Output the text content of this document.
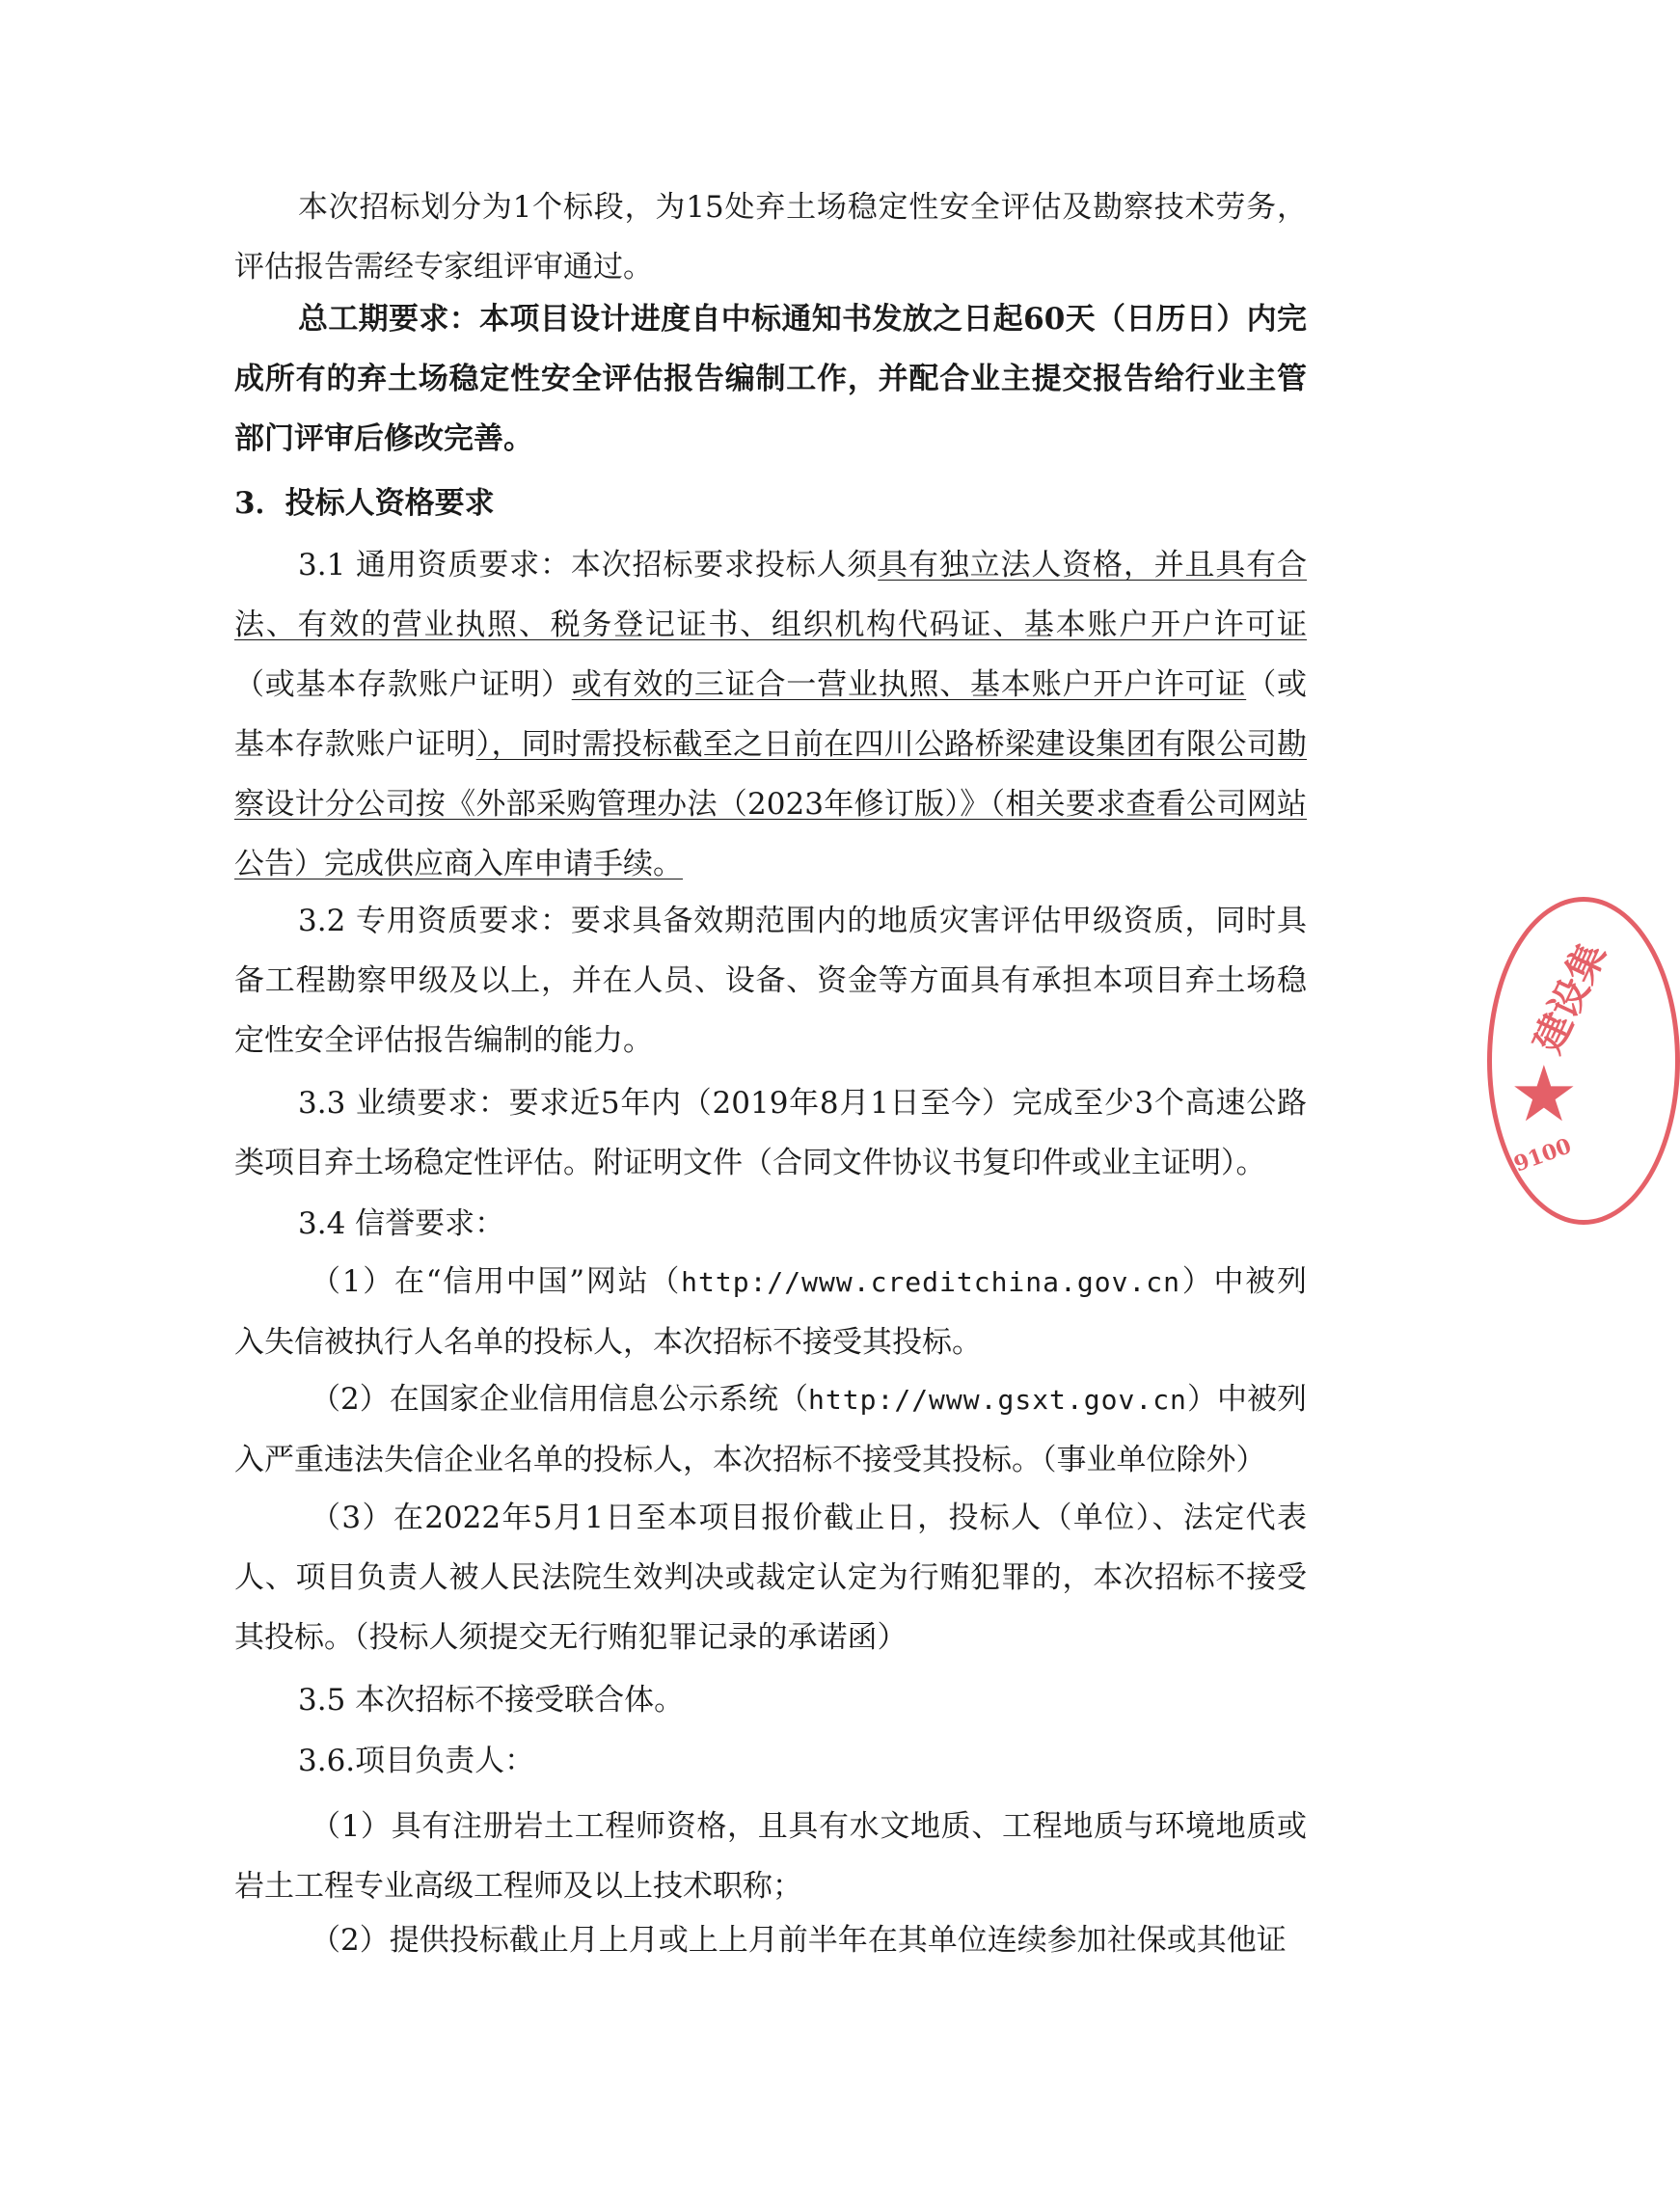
本次招标划分为1个标段，为15处弃土场稳定性安全评估及勘察技术劳务，评估报告需经专家组评审通过。

总工期要求：本项目设计进度自中标通知书发放之日起60天（日历日）内完成所有的弃土场稳定性安全评估报告编制工作，并配合业主提交报告给行业主管部门评审后修改完善。

3．投标人资格要求

3.1 通用资质要求：本次招标要求投标人须具有独立法人资格，并且具有合法、有效的营业执照、税务登记证书、组织机构代码证、基本账户开户许可证（或基本存款账户证明）或有效的三证合一营业执照、基本账户开户许可证（或基本存款账户证明），同时需投标截至之日前在四川公路桥梁建设集团有限公司勘察设计分公司按《外部采购管理办法（2023年修订版）》（相关要求查看公司网站公告）完成供应商入库申请手续。

3.2 专用资质要求：要求具备效期范围内的地质灾害评估甲级资质，同时具备工程勘察甲级及以上，并在人员、设备、资金等方面具有承担本项目弃土场稳定性安全评估报告编制的能力。

3.3 业绩要求：要求近5年内（2019年8月1日至今）完成至少3个高速公路类项目弃土场稳定性评估。附证明文件（合同文件协议书复印件或业主证明）。

3.4 信誉要求：

（1）在“信用中国”网站（http://www.creditchina.gov.cn）中被列入失信被执行人名单的投标人，本次招标不接受其投标。

（2）在国家企业信用信息公示系统（http://www.gsxt.gov.cn）中被列入严重违法失信企业名单的投标人，本次招标不接受其投标。（事业单位除外）

（3）在2022年5月1日至本项目报价截止日，投标人（单位）、法定代表人、项目负责人被人民法院生效判决或裁定认定为行贿犯罪的，本次招标不接受其投标。（投标人须提交无行贿犯罪记录的承诺函）

3.5 本次招标不接受联合体。

3.6.项目负责人：

（1）具有注册岩土工程师资格，且具有水文地质、工程地质与环境地质或岩土工程专业高级工程师及以上技术职称；

（2）提供投标截止月上月或上上月前半年在其单位连续参加社保或其他证

建设集
★
9100
